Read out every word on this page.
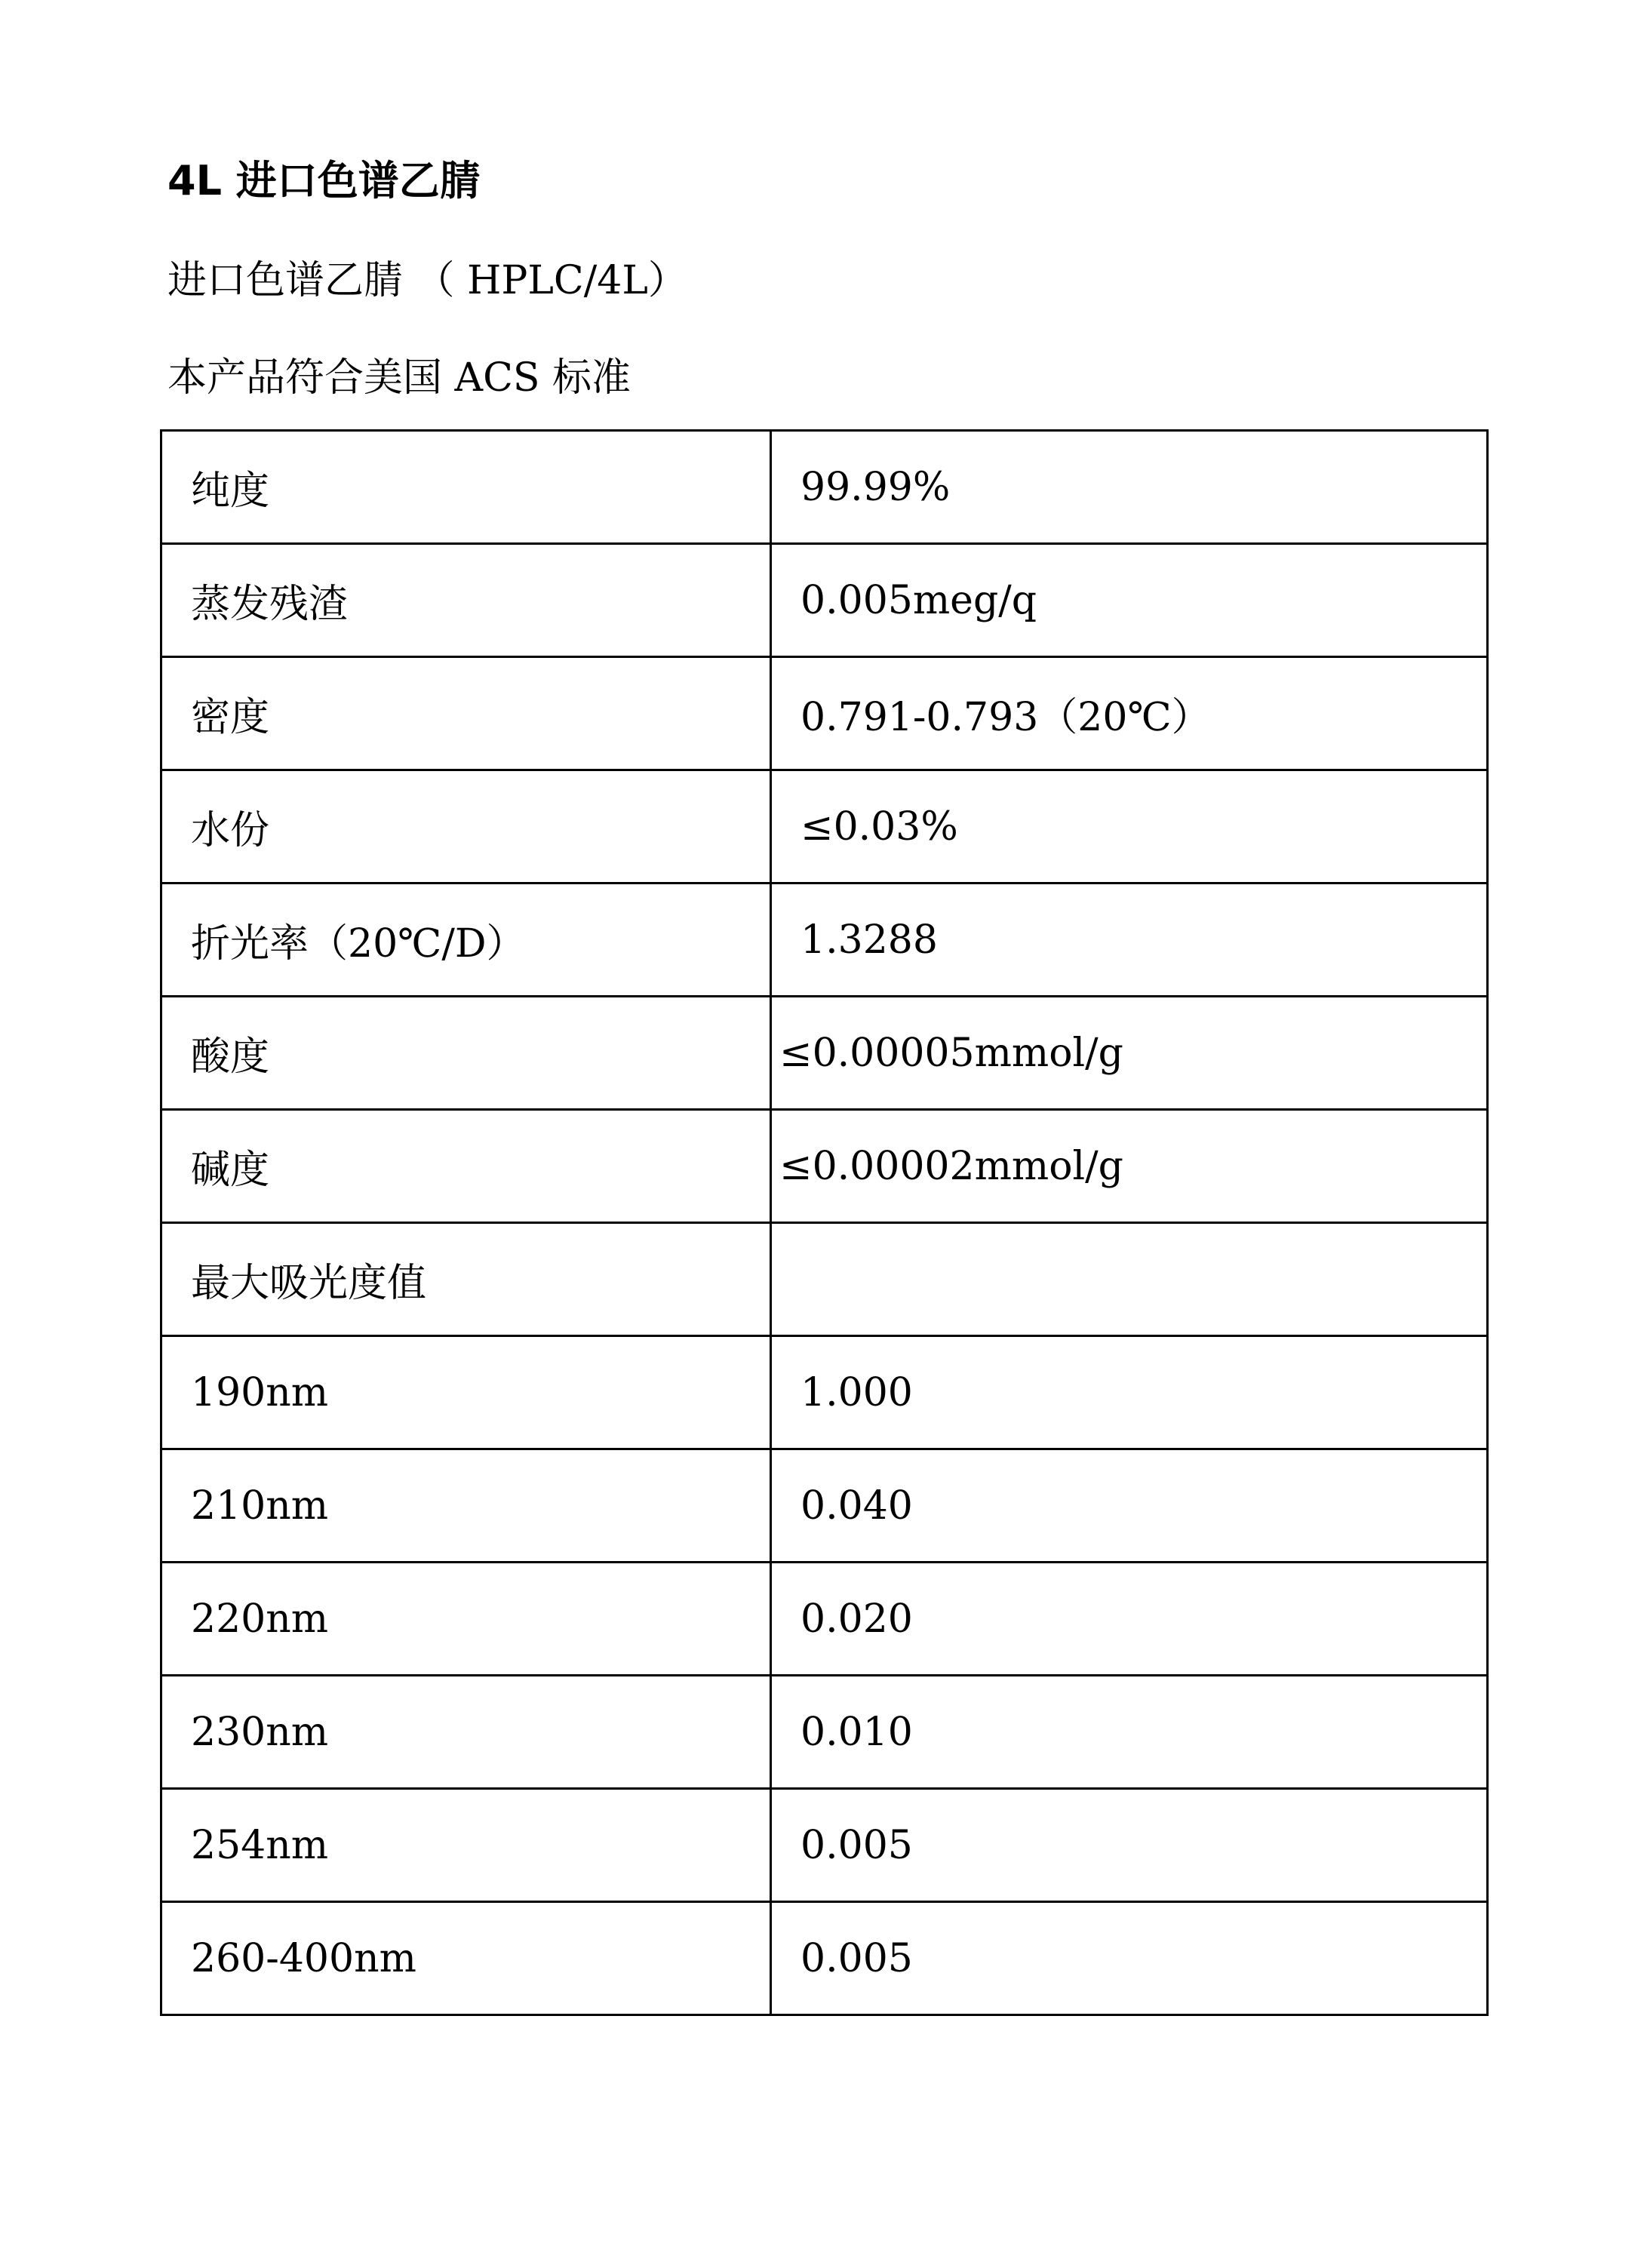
4L 进口色谱乙腈
进口色谱乙腈 （ HPLC/4L）
本产品符合美国 ACS 标准
纯度	99.99%
蒸发残渣	0.005meg/q
密度	0.791-0.793（20℃）
水份	≤0.03%
折光率（20℃/D）	1.3288
酸度	≤0.00005mmol/g
碱度	≤0.00002mmol/g
最大吸光度值	
190nm	1.000
210nm	0.040
220nm	0.020
230nm	0.010
254nm	0.005
260-400nm	0.005
